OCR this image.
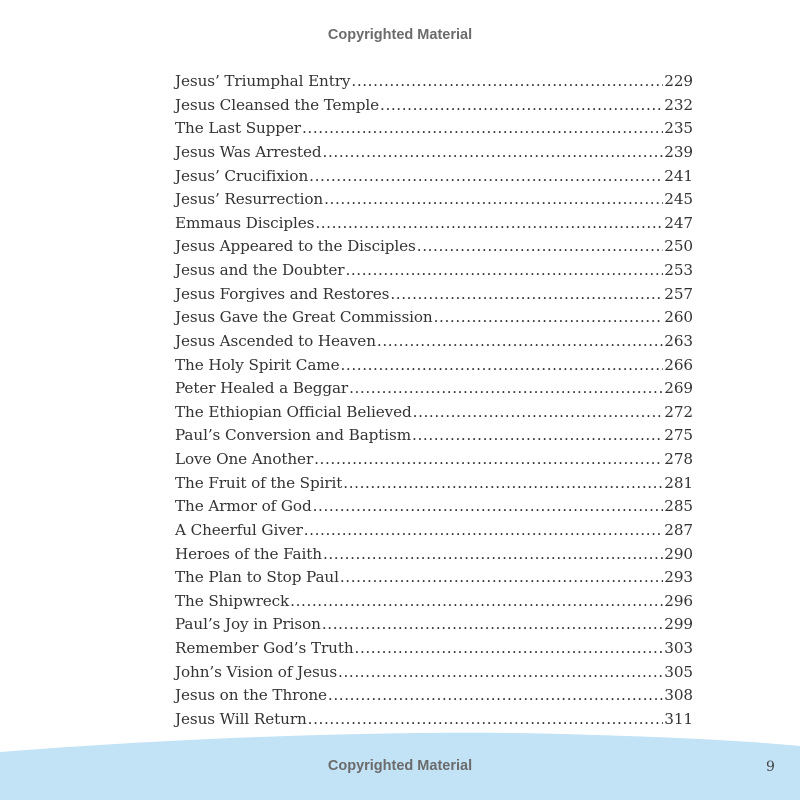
Copyrighted Material
Jesus’ Triumphal Entry .....	229
Jesus Cleansed the Temple .....	232
The Last Supper .....	235
Jesus Was Arrested .....	239
Jesus’ Crucifixion .....	241
Jesus’ Resurrection .....	245
Emmaus Disciples .....	247
Jesus Appeared to the Disciples .....	250
Jesus and the Doubter .....	253
Jesus Forgives and Restores .....	257
Jesus Gave the Great Commission .....	260
Jesus Ascended to Heaven .....	263
The Holy Spirit Came .....	266
Peter Healed a Beggar .....	269
The Ethiopian Official Believed .....	272
Paul’s Conversion and Baptism .....	275
Love One Another .....	278
The Fruit of the Spirit .....	281
The Armor of God .....	285
A Cheerful Giver .....	287
Heroes of the Faith .....	290
The Plan to Stop Paul .....	293
The Shipwreck .....	296
Paul’s Joy in Prison .....	299
Remember God’s Truth .....	303
John’s Vision of Jesus .....	305
Jesus on the Throne .....	308
Jesus Will Return .....	311
Copyrighted Material	9
